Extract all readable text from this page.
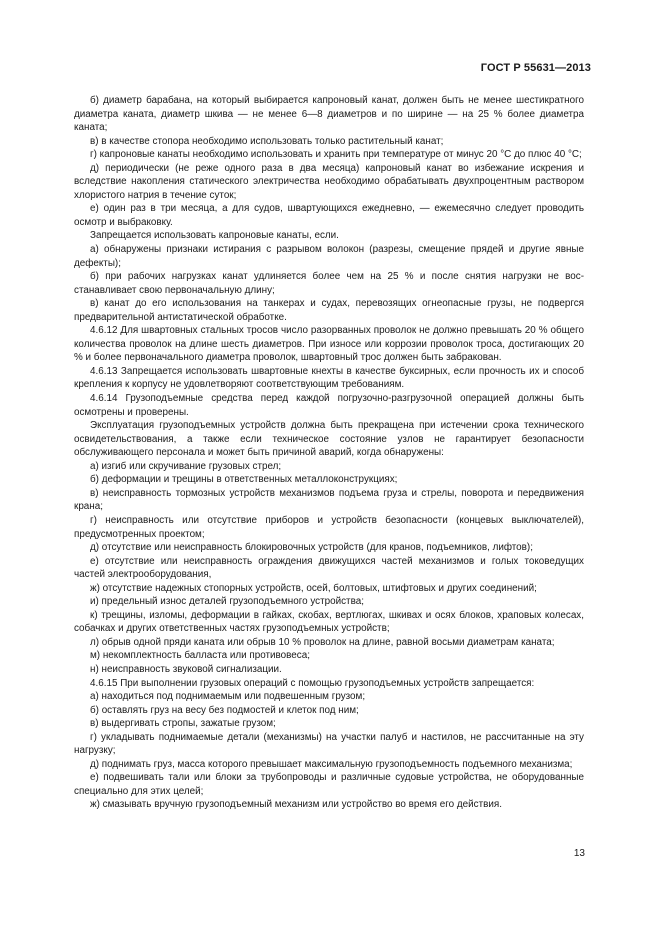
ГОСТ Р 55631—2013

б) диаметр барабана, на который выбирается капроновый канат, должен быть не менее шестикратного диаметра каната, диаметр шкива — не менее 6—8 диаметров и по ширине — на 25 % более диаметра каната;

в) в качестве стопора необходимо использовать только растительный канат;

г) капроновые канаты необходимо использовать и хранить при температуре от минус 20 °С до плюс 40 °С;

д) периодически (не реже одного раза в два месяца) капроновый канат во избежание искрения и вследствие накопления статического электричества необходимо обрабатывать двухпроцентным раствором хлористого натрия в течение суток;

е) один раз в три месяца, а для судов, швартующихся ежедневно, — ежемесячно следует проводить осмотр и выбраковку.

Запрещается использовать капроновые канаты, если.

а) обнаружены признаки истирания с разрывом волокон (разрезы, смещение прядей и другие явные дефекты);

б) при рабочих нагрузках канат удлиняется более чем на 25 % и после снятия нагрузки не восстанавливает свою первоначальную длину;

в) канат до его использования на танкерах и судах, перевозящих огнеопасные грузы, не подвергся предварительной антистатической обработке.

4.6.12 Для швартовных стальных тросов число разорванных проволок не должно превышать 20 % общего количества проволок на длине шесть диаметров. При износе или коррозии проволок троса, достигающих 20 % и более первоначального диаметра проволок, швартовный трос должен быть забракован.

4.6.13 Запрещается использовать швартовные кнехты в качестве буксирных, если прочность их и способ крепления к корпусу не удовлетворяют соответствующим требованиям.

4.6.14 Грузоподъемные средства перед каждой погрузочно-разгрузочной операцией должны быть осмотрены и проверены.

Эксплуатация грузоподъемных устройств должна быть прекращена при истечении срока технического освидетельствования, а также если техническое состояние узлов не гарантирует безопасности обслуживающего персонала и может быть причиной аварий, когда обнаружены:

а) изгиб или скручивание грузовых стрел;

б) деформации и трещины в ответственных металлоконструкциях;

в) неисправность тормозных устройств механизмов подъема груза и стрелы, поворота и передвижения крана;

г) неисправность или отсутствие приборов и устройств безопасности (концевых выключателей), предусмотренных проектом;

д) отсутствие или неисправность блокировочных устройств (для кранов, подъемников, лифтов);

е) отсутствие или неисправность ограждения движущихся частей механизмов и голых токоведущих частей электрооборудования,

ж) отсутствие надежных стопорных устройств, осей, болтовых, штифтовых и других соединений;

и) предельный износ деталей грузоподъемного устройства;

к) трещины, изломы, деформации в гайках, скобах, вертлюгах, шкивах и осях блоков, храповых колесах, собачках и других ответственных частях грузоподъемных устройств;

л) обрыв одной пряди каната или обрыв 10 % проволок на длине, равной восьми диаметрам каната;

м) некомплектность балласта или противовеса;

н) неисправность звуковой сигнализации.

4.6.15 При выполнении грузовых операций с помощью грузоподъемных устройств запрещается:

а) находиться под поднимаемым или подвешенным грузом;

б) оставлять груз на весу без подмостей и клеток под ним;

в) выдергивать стропы, зажатые грузом;

г) укладывать поднимаемые детали (механизмы) на участки палуб и настилов, не рассчитанные на эту нагрузку;

д) поднимать груз, масса которого превышает максимальную грузоподъемность подъемного механизма;

е) подвешивать тали или блоки за трубопроводы и различные судовые устройства, не оборудованные специально для этих целей;

ж) смазывать вручную грузоподъемный механизм или устройство во время его действия.

13
